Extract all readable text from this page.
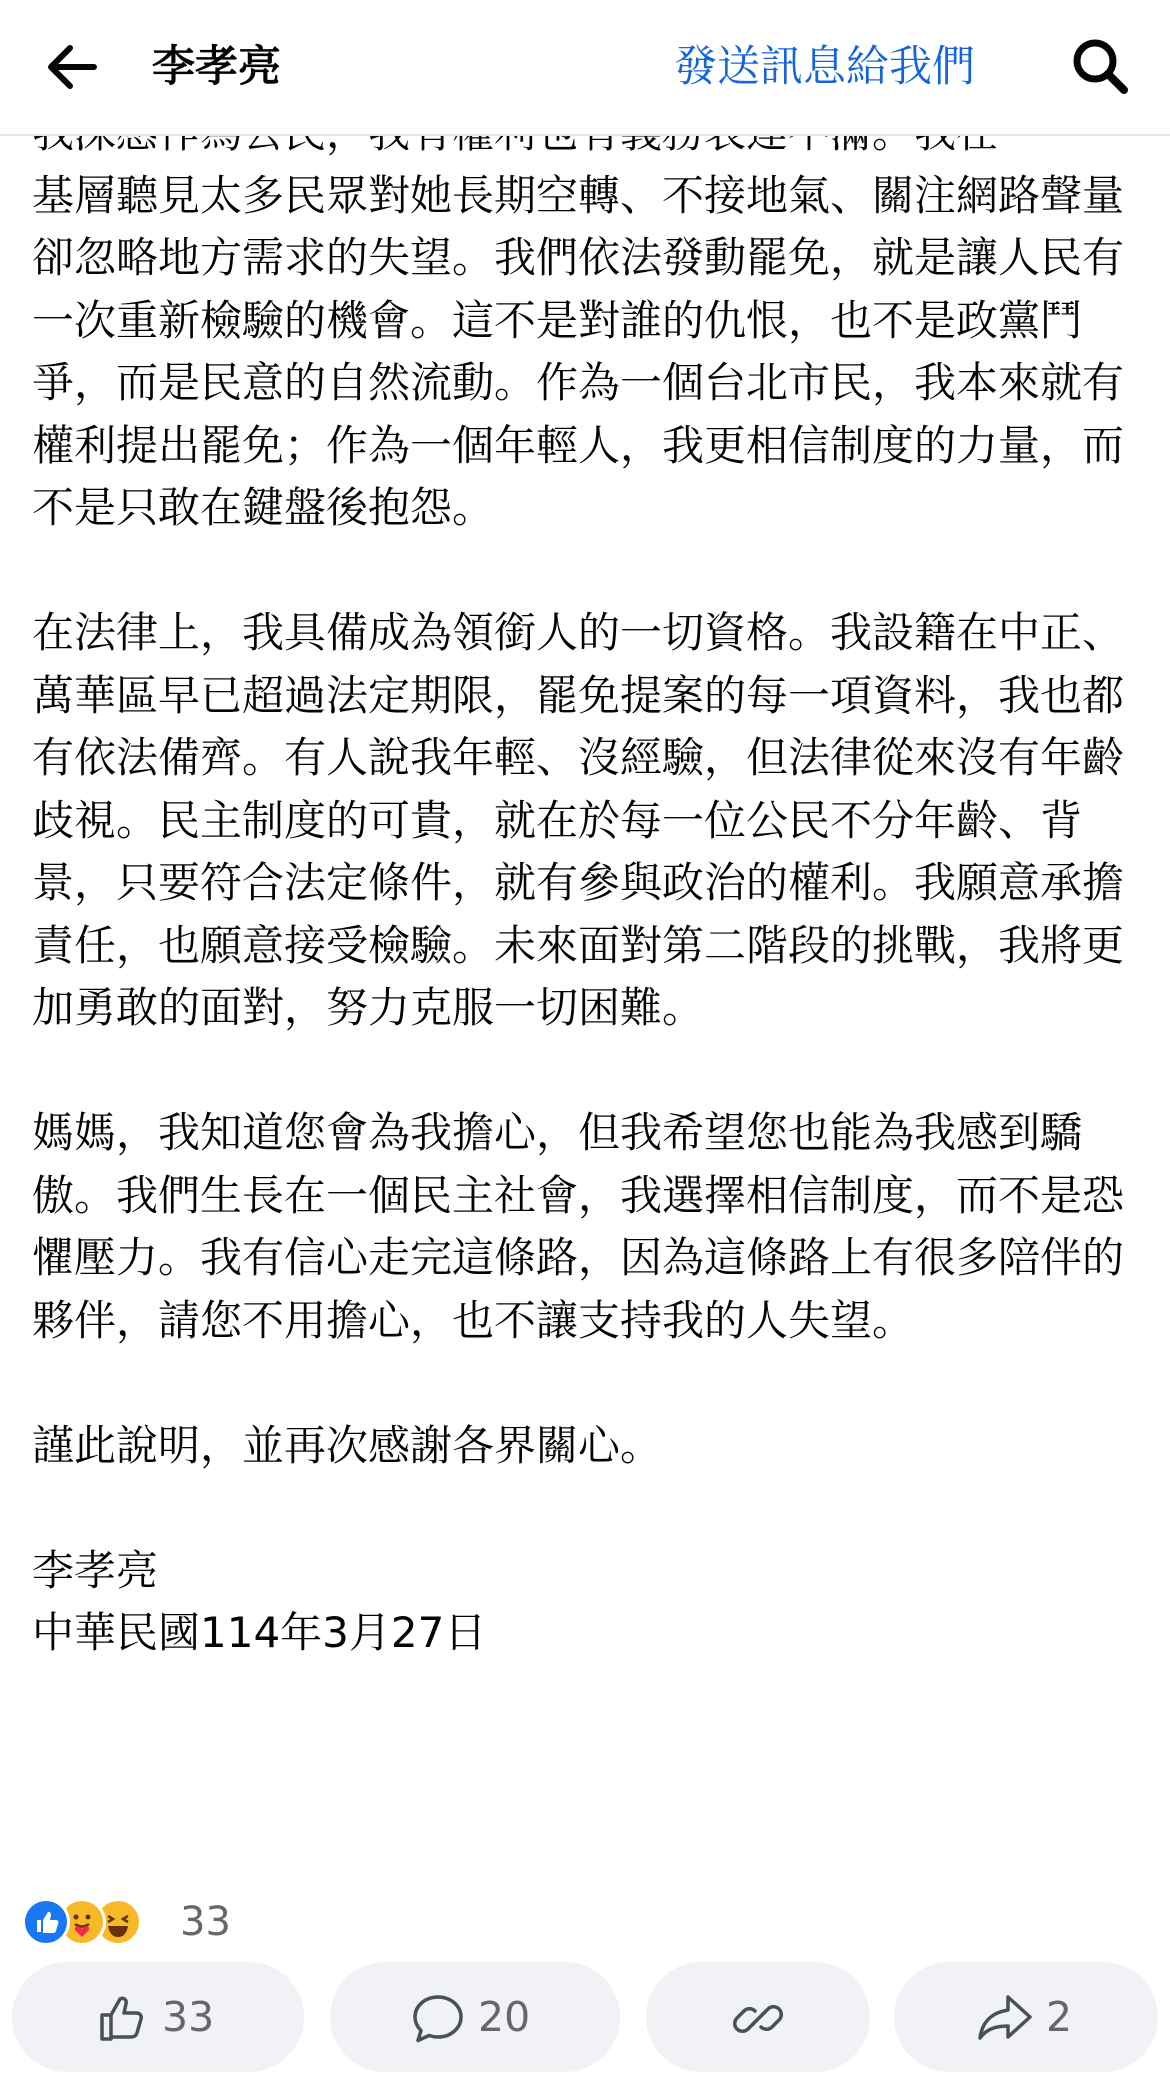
李孝亮	發送訊息給我們

基層聽見太多民眾對她長期空轉、不接地氣、關注網路聲量卻忽略地方需求的失望。我們依法發動罷免，就是讓人民有一次重新檢驗的機會。這不是對誰的仇恨，也不是政黨鬥爭，而是民意的自然流動。作為一個台北市民，我本來就有權利提出罷免；作為一個年輕人，我更相信制度的力量，而不是只敢在鍵盤後抱怨。

在法律上，我具備成為領銜人的一切資格。我設籍在中正、萬華區早已超過法定期限，罷免提案的每一項資料，我也都有依法備齊。有人說我年輕、沒經驗，但法律從來沒有年齡歧視。民主制度的可貴，就在於每一位公民不分年齡、背景，只要符合法定條件，就有參與政治的權利。我願意承擔責任，也願意接受檢驗。未來面對第二階段的挑戰，我將更加勇敢的面對，努力克服一切困難。

媽媽，我知道您會為我擔心，但我希望您也能為我感到驕傲。我們生長在一個民主社會，我選擇相信制度，而不是恐懼壓力。我有信心走完這條路，因為這條路上有很多陪伴的夥伴，請您不用擔心，也不讓支持我的人失望。

謹此說明，並再次感謝各界關心。

李孝亮

中華民國114年3月27日

33
33	20	2
